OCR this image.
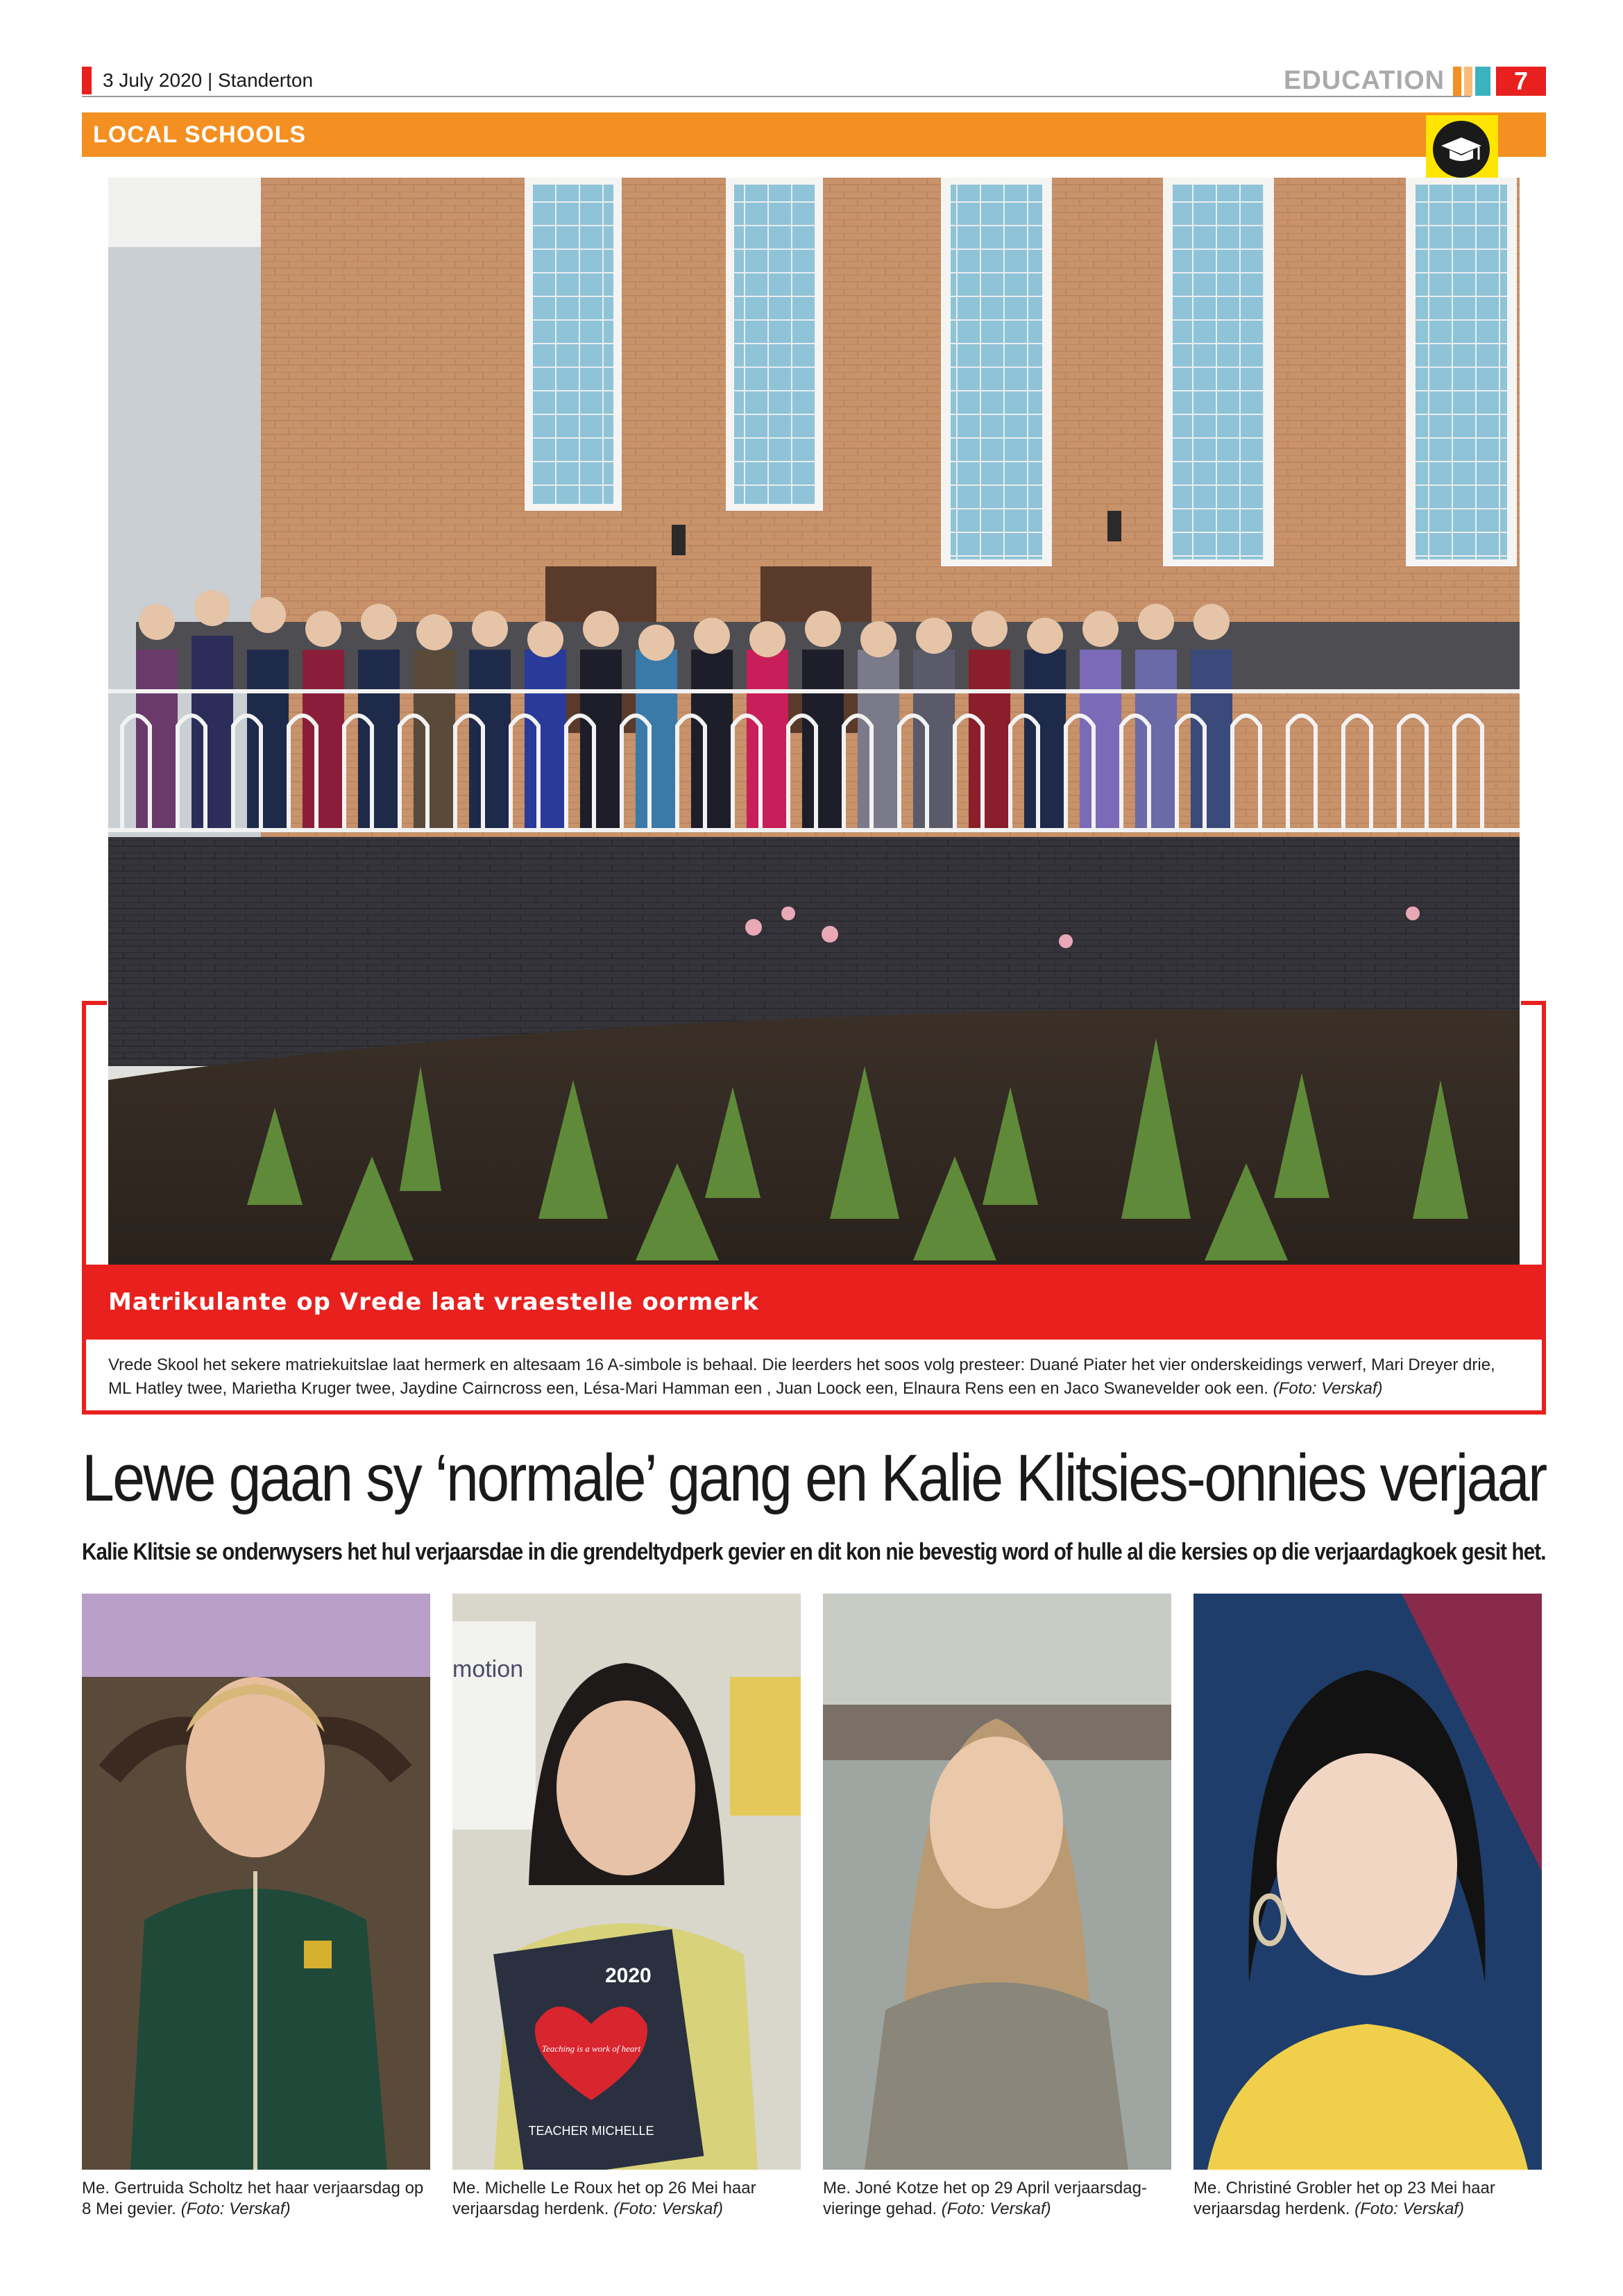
3 July 2020 | Standerton	EDUCATION	7
LOCAL SCHOOLS
Matrikulante op Vrede laat vraestelle oormerk
Vrede Skool het sekere matriekuitslae laat hermerk en altesaam 16 A-simbole is behaal. Die leerders het soos volg presteer: Duané Piater het vier onderskeidings verwerf, Mari Dreyer drie, ML Hatley twee, Marietha Kruger twee, Jaydine Cairncross een, Lésa-Mari Hamman een , Juan Loock een, Elnaura Rens een en Jaco Swanevelder ook een. (Foto: Verskaf)
Lewe gaan sy ‘normale’ gang en Kalie Klitsies-onnies verjaar
Kalie Klitsie se onderwysers het hul verjaarsdae in die grendeltydperk gevier en dit kon nie bevestig word of hulle al die kersies op die verjaardagkoek gesit het.
motion
2020
Teaching is a work of heart
TEACHER MICHELLE
Me. Gertruida Scholtz het haar verjaarsdag op 8 Mei gevier. (Foto: Verskaf)
Me. Michelle Le Roux het op 26 Mei haar verjaarsdag herdenk. (Foto: Verskaf)
Me. Joné Kotze het op 29 April verjaarsdag-vieringe gehad. (Foto: Verskaf)
Me. Christiné Grobler het op 23 Mei haar verjaarsdag herdenk. (Foto: Verskaf)
